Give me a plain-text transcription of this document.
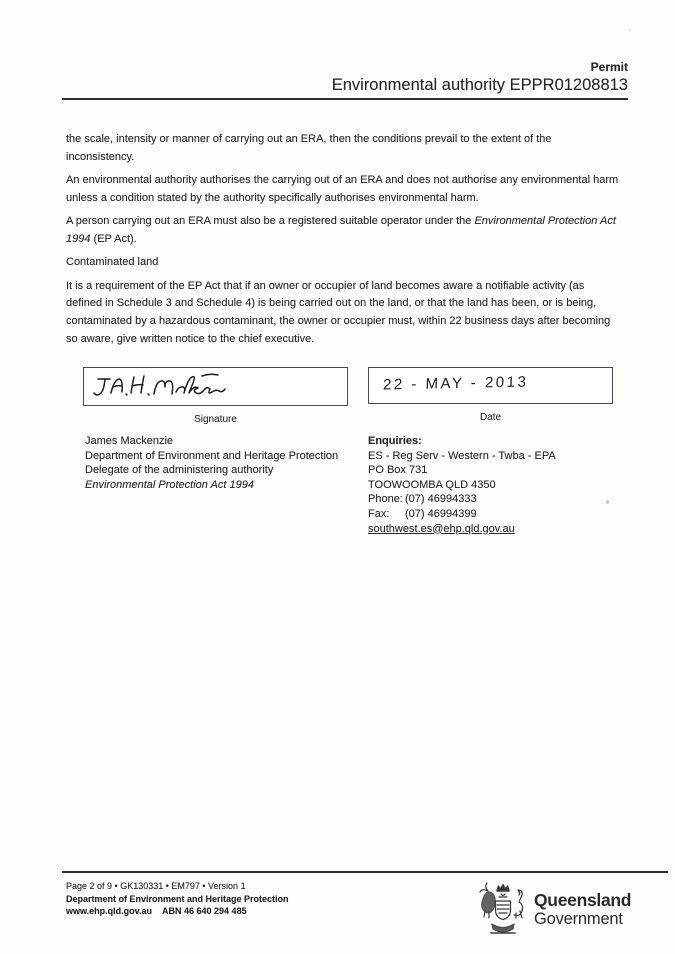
Permit
Environmental authority EPPR01208813

the scale, intensity or manner of carrying out an ERA, then the conditions prevail to the extent of the inconsistency.

An environmental authority authorises the carrying out of an ERA and does not authorise any environmental harm unless a condition stated by the authority specifically authorises environmental harm.

A person carrying out an ERA must also be a registered suitable operator under the Environmental Protection Act 1994 (EP Act).

Contaminated land

It is a requirement of the EP Act that if an owner or occupier of land becomes aware a notifiable activity (as defined in Schedule 3 and Schedule 4) is being carried out on the land, or that the land has been, or is being, contaminated by a hazardous contaminant, the owner or occupier must, within 22 business days after becoming so aware, give written notice to the chief executive.

Signature
22 - MAY - 2013
Date
James Mackenzie
Department of Environment and Heritage Protection
Delegate of the administering authority
Environmental Protection Act 1994
Enquiries:
ES - Reg Serv - Western - Twba - EPA
PO Box 731
TOOWOOMBA QLD 4350
Phone: (07) 46994333
Fax: (07) 46994399
southwest.es@ehp.qld.gov.au
Page 2 of 9 • GK130331 • EM797 • Version 1
Department of Environment and Heritage Protection
www.ehp.qld.gov.au ABN 46 640 294 485
Queensland
Government
